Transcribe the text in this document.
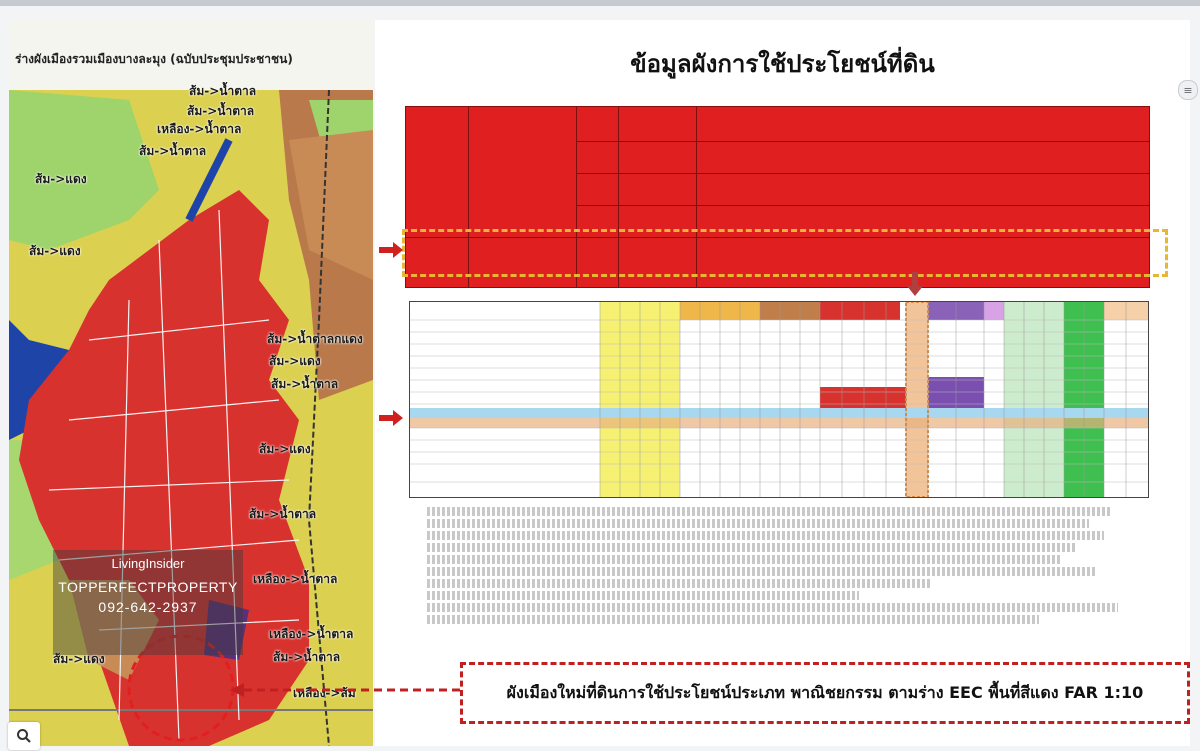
ร่างผังเมืองรวมเมืองบางละมุง (ฉบับประชุมประชาชน)
ส้ม->น้ำตาล
ส้ม->น้ำตาล
เหลือง->น้ำตาล
ส้ม->น้ำตาล
ส้ม->แดง
ส้ม->น้ำตาลกแดง
ส้ม->แดง
ส้ม->น้ำตาล
ส้ม->แดง
ส้ม->น้ำตาล
ส้ม->แดง
เหลือง->น้ำตาล
เหลือง->น้ำตาล
ส้ม->น้ำตาล
ส้ม->แดง
เหลือง->ส้ม
LivingInsider
TOPPERFECTPROPERTY
092-642-2937
ข้อมูลผังการใช้ประโยชน์ที่ดิน
ผังเมืองใหม่ที่ดินการใช้ประโยชน์ประเภท พาณิชยกรรม ตามร่าง EEC พื้นที่สีแดง FAR 1:10
≡
